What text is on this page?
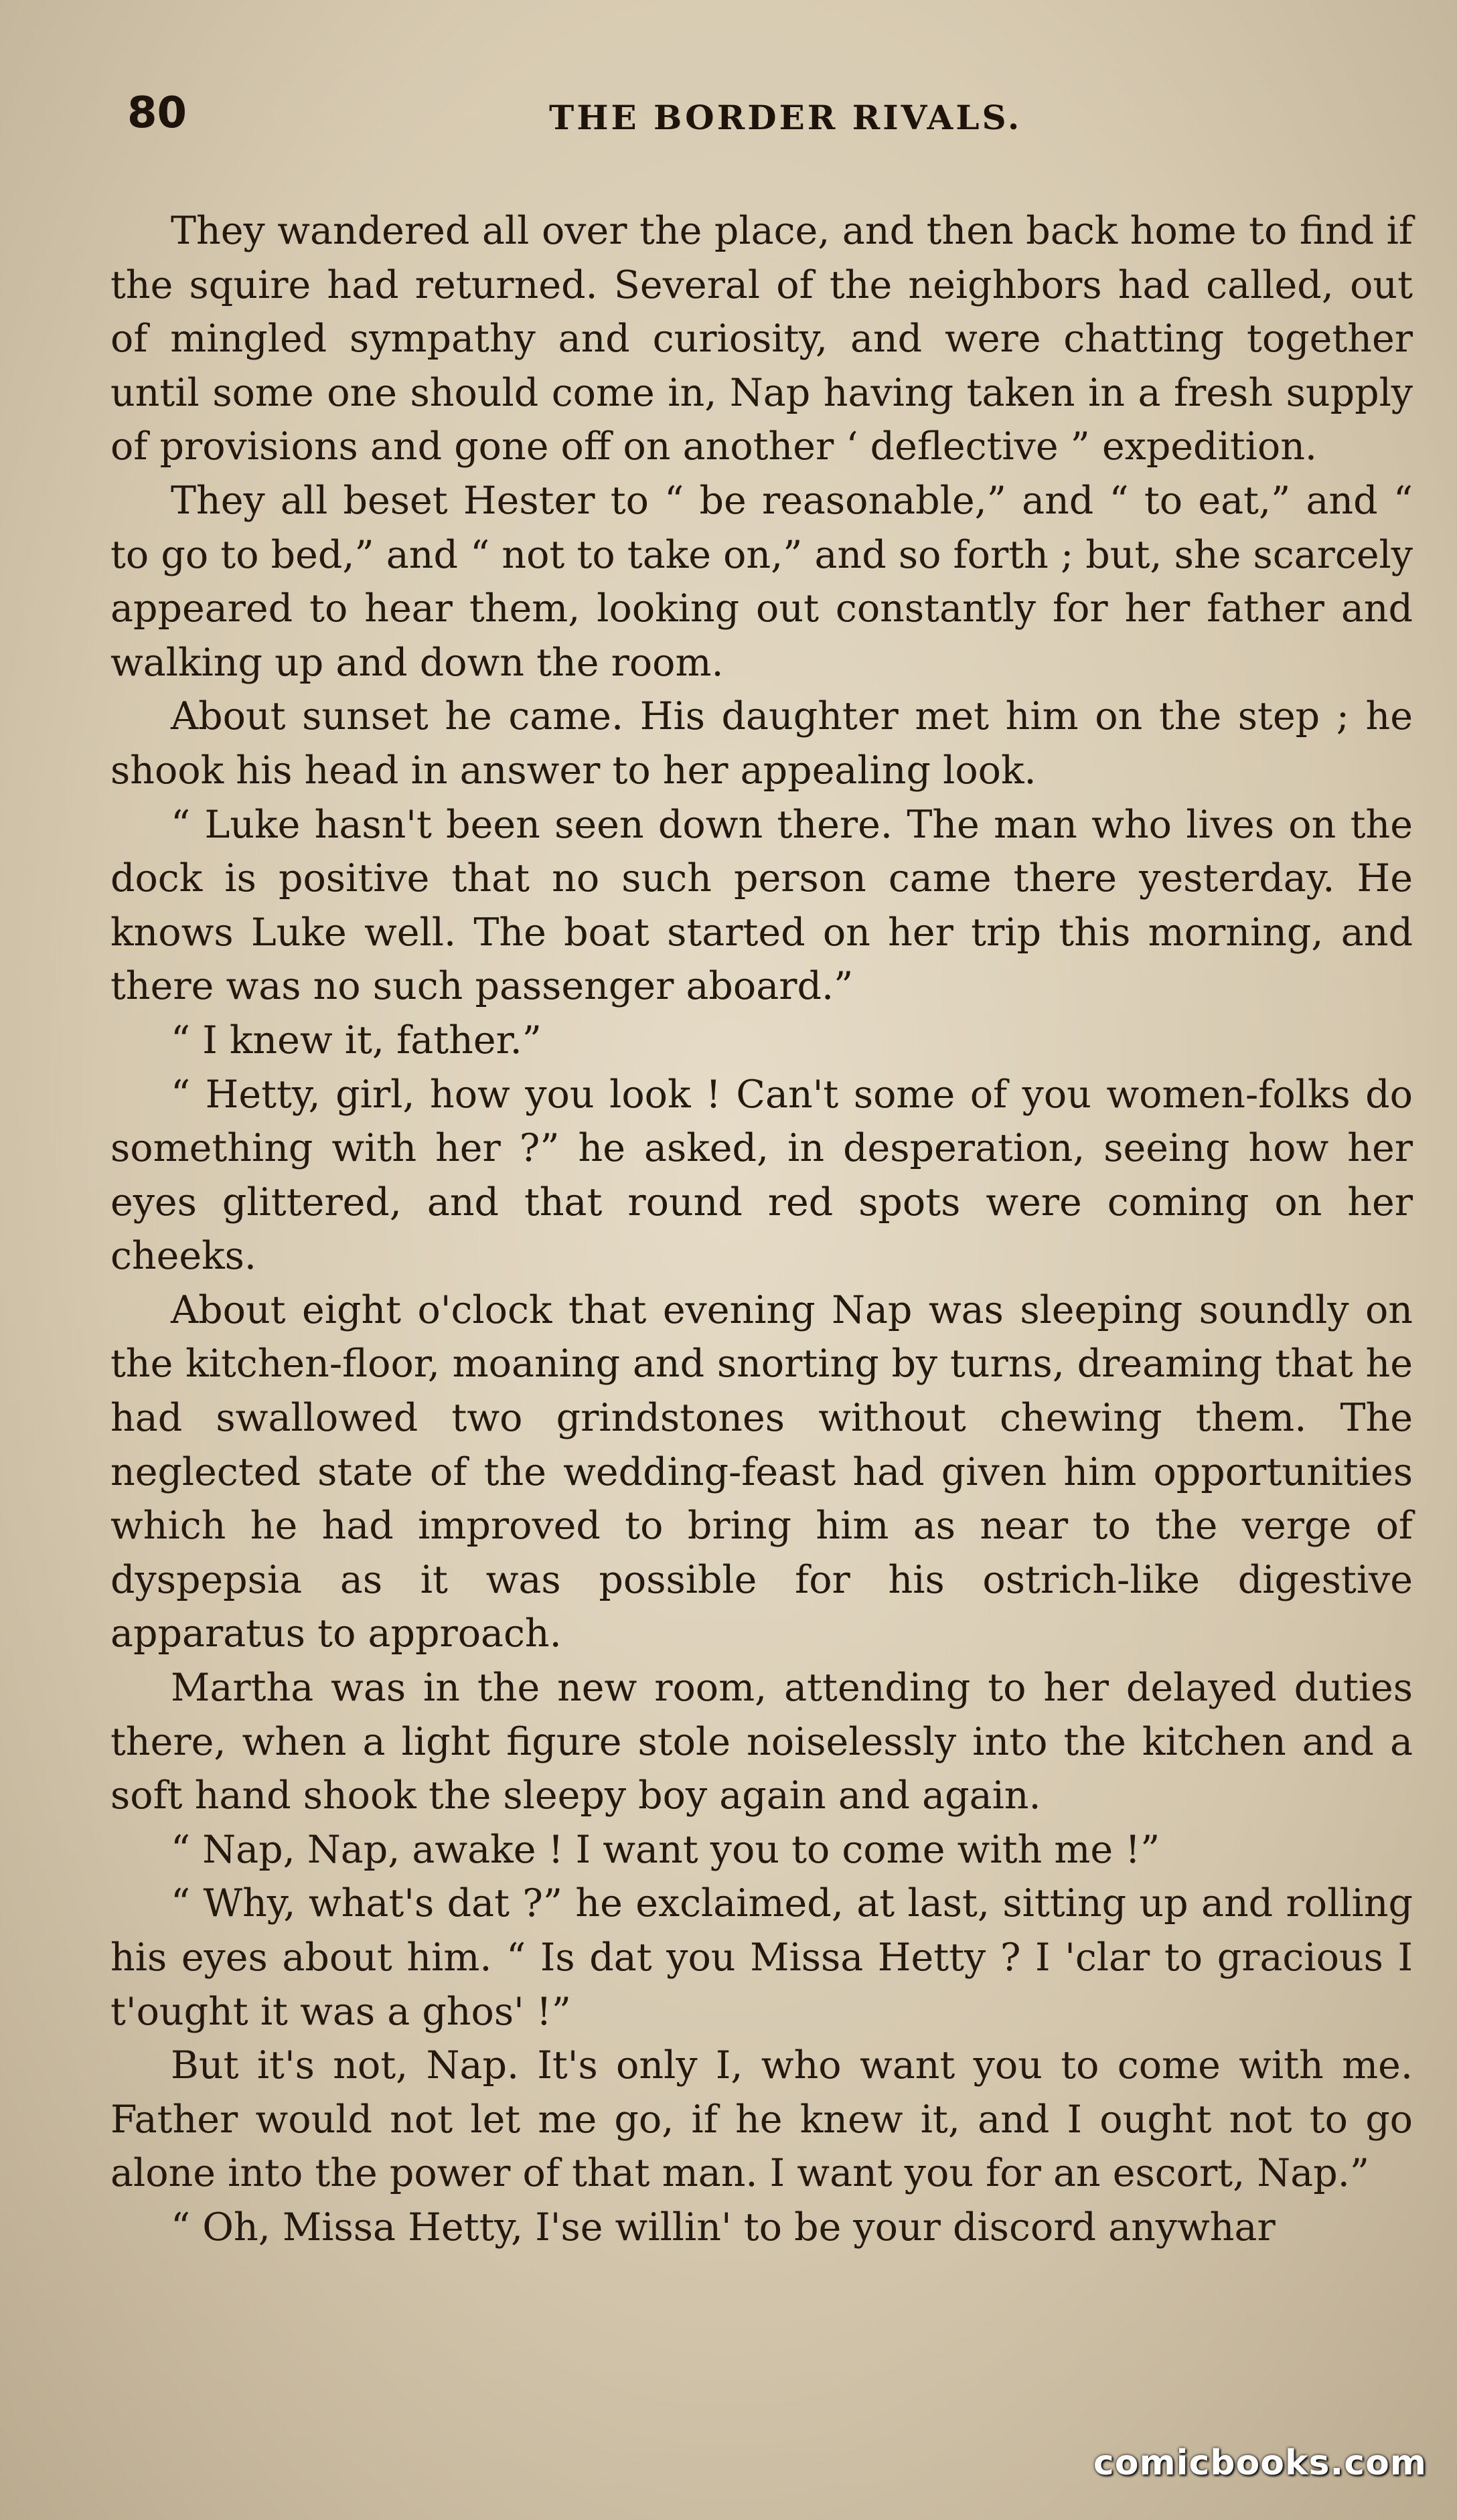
80	THE BORDER RIVALS.

They wandered all over the place, and then back home to find if the squire had returned. Several of the neighbors had called, out of mingled sympathy and curiosity, and were chatting together until some one should come in, Nap having taken in a fresh supply of provisions and gone off on another ‘ deflective ” expedition.

They all beset Hester to “ be reasonable,” and “ to eat,” and “ to go to bed,” and “ not to take on,” and so forth ; but, she scarcely appeared to hear them, looking out constantly for her father and walking up and down the room.

About sunset he came. His daughter met him on the step ; he shook his head in answer to her appealing look.

“ Luke hasn't been seen down there. The man who lives on the dock is positive that no such person came there yesterday. He knows Luke well. The boat started on her trip this morning, and there was no such passenger aboard.”

“ I knew it, father.”

“ Hetty, girl, how you look ! Can't some of you women-folks do something with her ?” he asked, in desperation, seeing how her eyes glittered, and that round red spots were coming on her cheeks.

About eight o'clock that evening Nap was sleeping soundly on the kitchen-floor, moaning and snorting by turns, dreaming that he had swallowed two grindstones without chewing them. The neglected state of the wedding-feast had given him opportunities which he had improved to bring him as near to the verge of dyspepsia as it was possible for his ostrich-like digestive apparatus to approach.

Martha was in the new room, attending to her delayed duties there, when a light figure stole noiselessly into the kitchen and a soft hand shook the sleepy boy again and again.

“ Nap, Nap, awake ! I want you to come with me !”

“ Why, what's dat ?” he exclaimed, at last, sitting up and rolling his eyes about him. “ Is dat you Missa Hetty ? I 'clar to gracious I t'ought it was a ghos' !”

But it's not, Nap. It's only I, who want you to come with me. Father would not let me go, if he knew it, and I ought not to go alone into the power of that man. I want you for an escort, Nap.”

“ Oh, Missa Hetty, I'se willin' to be your discord anywhar

comicbooks.com
